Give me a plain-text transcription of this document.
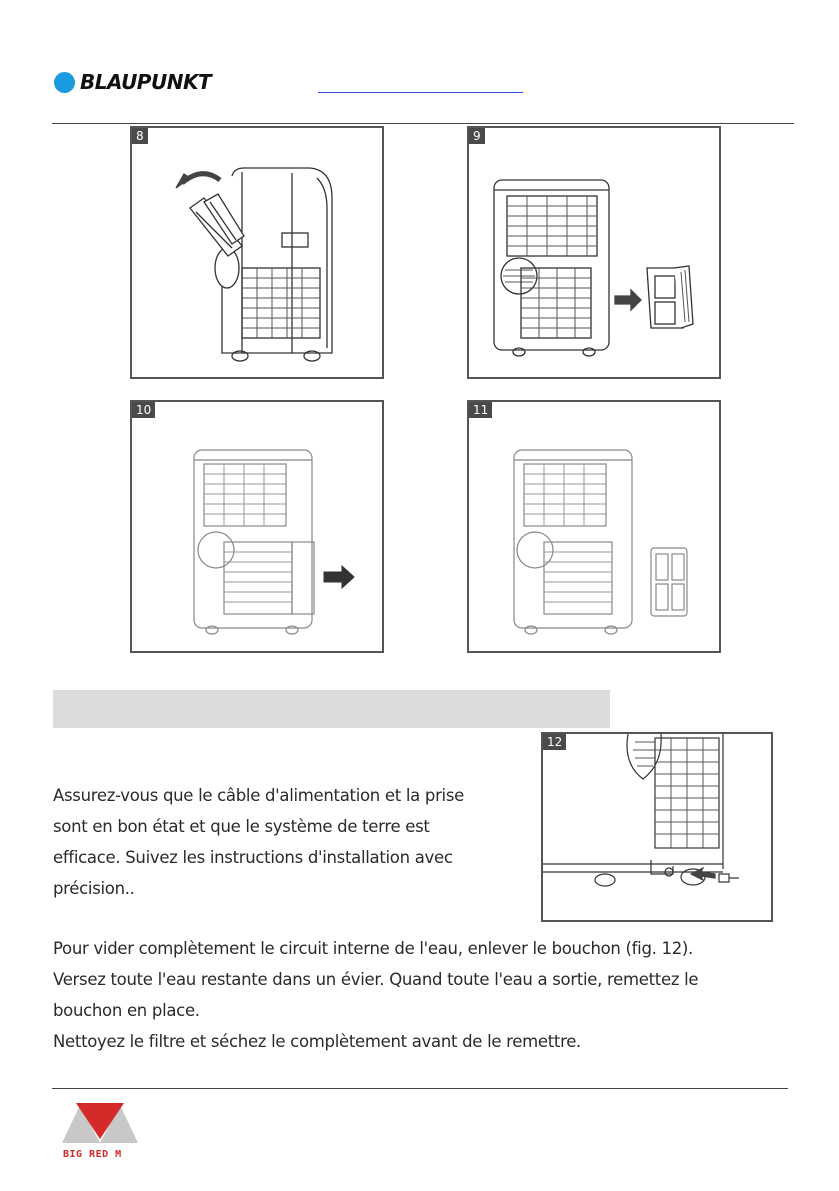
BLAUPUNKT
8	9
10	11
12

Assurez-vous que le câble d'alimentation et la prise

sont en bon état et que le système de terre est

efficace. Suivez les instructions d'installation avec

précision..

Pour vider complètement le circuit interne de l'eau, enlever le bouchon (fig. 12).

Versez toute l'eau restante dans un évier. Quand toute l'eau a sortie, remettez le

bouchon en place.

Nettoyez le filtre et séchez le complètement avant de le remettre.

BIG RED M
